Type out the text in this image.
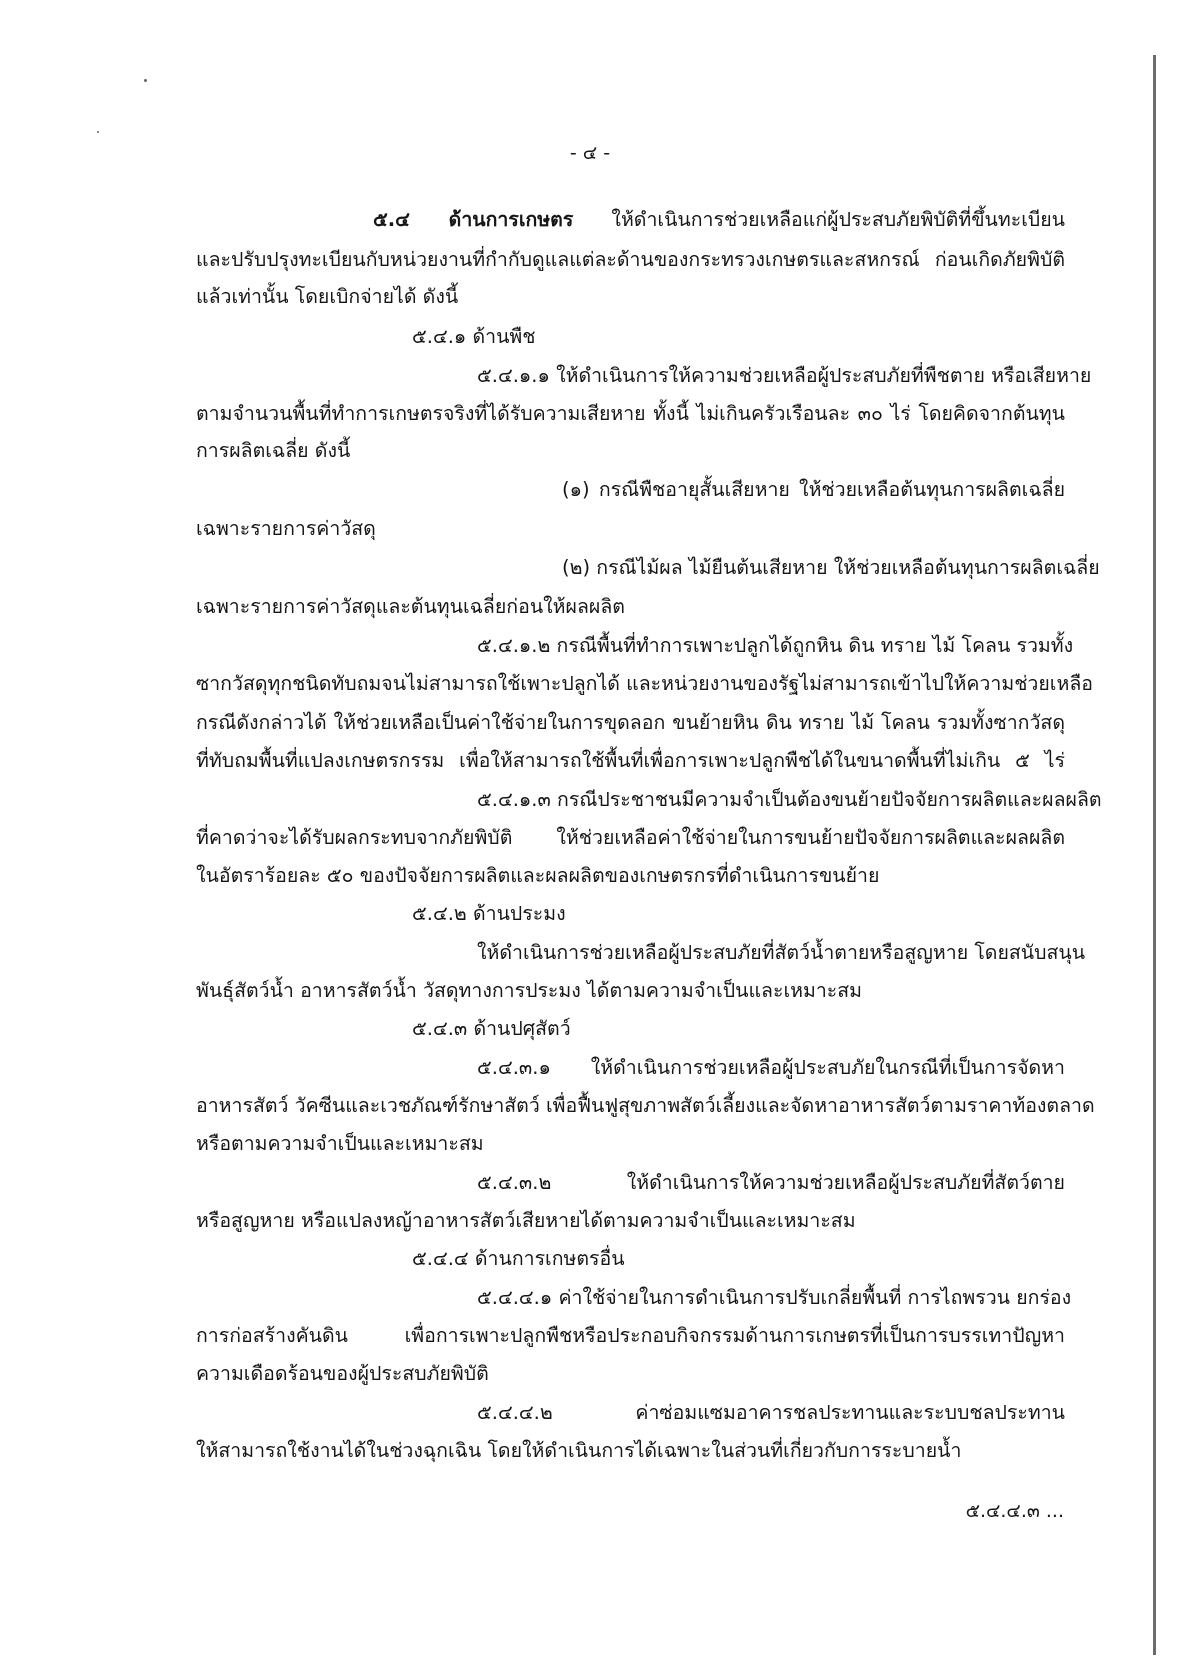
- ๔ -
๕.๔ ด้านการเกษตร ให้ดำเนินการช่วยเหลือแก่ผู้ประสบภัยพิบัติที่ขึ้นทะเบียน
และปรับปรุงทะเบียนกับหน่วยงานที่กำกับดูแลแต่ละด้านของกระทรวงเกษตรและสหกรณ์ ก่อนเกิดภัยพิบัติ
แล้วเท่านั้น โดยเบิกจ่ายได้ ดังนี้
๕.๔.๑ ด้านพืช
๕.๔.๑.๑ ให้ดำเนินการให้ความช่วยเหลือผู้ประสบภัยที่พืชตาย หรือเสียหาย
ตามจำนวนพื้นที่ทำการเกษตรจริงที่ได้รับความเสียหาย ทั้งนี้ ไม่เกินครัวเรือนละ ๓๐ ไร่ โดยคิดจากต้นทุน
การผลิตเฉลี่ย ดังนี้
(๑) กรณีพืชอายุสั้นเสียหาย ให้ช่วยเหลือต้นทุนการผลิตเฉลี่ย
เฉพาะรายการค่าวัสดุ
(๒) กรณีไม้ผล ไม้ยืนต้นเสียหาย ให้ช่วยเหลือต้นทุนการผลิตเฉลี่ย
เฉพาะรายการค่าวัสดุและต้นทุนเฉลี่ยก่อนให้ผลผลิต
๕.๔.๑.๒ กรณีพื้นที่ทำการเพาะปลูกได้ถูกหิน ดิน ทราย ไม้ โคลน รวมทั้ง
ซากวัสดุทุกชนิดทับถมจนไม่สามารถใช้เพาะปลูกได้ และหน่วยงานของรัฐไม่สามารถเข้าไปให้ความช่วยเหลือ
กรณีดังกล่าวได้ ให้ช่วยเหลือเป็นค่าใช้จ่ายในการขุดลอก ขนย้ายหิน ดิน ทราย ไม้ โคลน รวมทั้งซากวัสดุ
ที่ทับถมพื้นที่แปลงเกษตรกรรม เพื่อให้สามารถใช้พื้นที่เพื่อการเพาะปลูกพืชได้ในขนาดพื้นที่ไม่เกิน ๕ ไร่
๕.๔.๑.๓ กรณีประชาชนมีความจำเป็นต้องขนย้ายปัจจัยการผลิตและผลผลิต
ที่คาดว่าจะได้รับผลกระทบจากภัยพิบัติ ให้ช่วยเหลือค่าใช้จ่ายในการขนย้ายปัจจัยการผลิตและผลผลิต
ในอัตราร้อยละ ๕๐ ของปัจจัยการผลิตและผลผลิตของเกษตรกรที่ดำเนินการขนย้าย
๕.๔.๒ ด้านประมง
ให้ดำเนินการช่วยเหลือผู้ประสบภัยที่สัตว์น้ำตายหรือสูญหาย โดยสนับสนุน
พันธุ์สัตว์น้ำ อาหารสัตว์น้ำ วัสดุทางการประมง ได้ตามความจำเป็นและเหมาะสม
๕.๔.๓ ด้านปศุสัตว์
๕.๔.๓.๑ ให้ดำเนินการช่วยเหลือผู้ประสบภัยในกรณีที่เป็นการจัดหา
อาหารสัตว์ วัคซีนและเวชภัณฑ์รักษาสัตว์ เพื่อฟื้นฟูสุขภาพสัตว์เลี้ยงและจัดหาอาหารสัตว์ตามราคาท้องตลาด
หรือตามความจำเป็นและเหมาะสม
๕.๔.๓.๒ ให้ดำเนินการให้ความช่วยเหลือผู้ประสบภัยที่สัตว์ตาย
หรือสูญหาย หรือแปลงหญ้าอาหารสัตว์เสียหายได้ตามความจำเป็นและเหมาะสม
๕.๔.๔ ด้านการเกษตรอื่น
๕.๔.๔.๑ ค่าใช้จ่ายในการดำเนินการปรับเกลี่ยพื้นที่ การไถพรวน ยกร่อง
การก่อสร้างคันดิน เพื่อการเพาะปลูกพืชหรือประกอบกิจกรรมด้านการเกษตรที่เป็นการบรรเทาปัญหา
ความเดือดร้อนของผู้ประสบภัยพิบัติ
๕.๔.๔.๒ ค่าซ่อมแซมอาคารชลประทานและระบบชลประทาน
ให้สามารถใช้งานได้ในช่วงฉุกเฉิน โดยให้ดำเนินการได้เฉพาะในส่วนที่เกี่ยวกับการระบายน้ำ
๕.๔.๔.๓ ...
